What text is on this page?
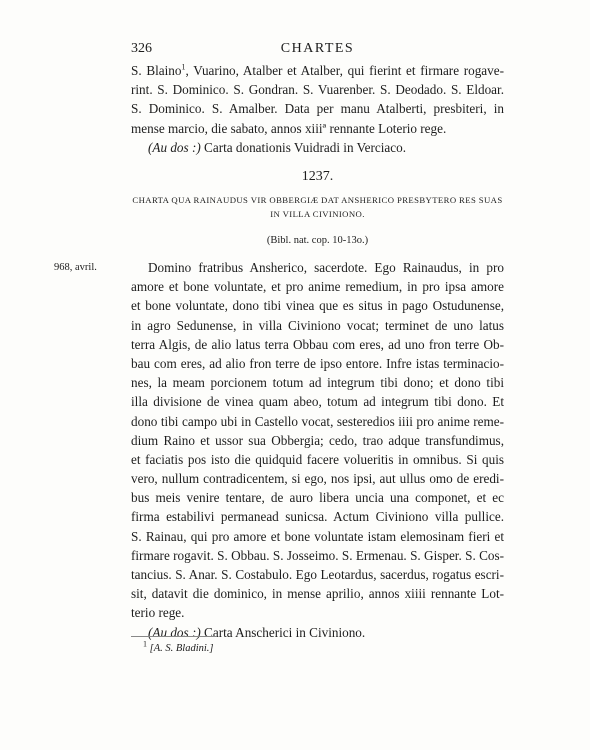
326	CHARTES
S. Blaino$^1$, Vuarino, Atalber et Atalber, qui fierint et firmare rogave-
rint. S. Dominico. S. Gondran. S. Vuarenber. S. Deodado. S. Eldoar.
S. Dominico. S. Amalber. Data per manu Atalberti, presbiteri, in
mense marcio, die sabato, annos xiiiª rennante Loterio rege.
(Au dos :) Carta donationis Vuidradi in Verciaco.
1237.
CHARTA QUA RAINAUDUS VIR OBBERGIÆ DAT ANSHERICO PRESBYTERO RES SUAS
IN VILLA CIVINIONO.
(Bibl. nat. cop. 10-13o.)
968, avril.	Domino fratribus Ansherico, sacerdote. Ego Rainaudus, in pro
amore et bone voluntate, et pro anime remedium, in pro ipsa amore
et bone voluntate, dono tibi vinea que es situs in pago Ostudunense,
in agro Sedunense, in villa Civiniono vocat; terminet de uno latus
terra Algis, de alio latus terra Obbau com eres, ad uno fron terre Ob-
bau com eres, ad alio fron terre de ipso entore. Infre istas terminacio-
nes, la meam porcionem totum ad integrum tibi dono; et dono tibi
illa divisione de vinea quam abeo, totum ad integrum tibi dono. Et
dono tibi campo ubi in Castello vocat, sesteredios iiii pro anime reme-
dium Raino et ussor sua Obbergia; cedo, trao adque transfundimus,
et faciatis pos isto die quidquid facere volueritis in omnibus. Si quis
vero, nullum contradicentem, si ego, nos ipsi, aut ullus omo de eredi-
bus meis venire tentare, de auro libera uncia una componet, et ec
firma estabilivi permanead sunicsa. Actum Civiniono villa pullice.
S. Rainau, qui pro amore et bone voluntate istam elemosinam fieri et
firmare rogavit. S. Obbau. S. Josseimo. S. Ermenau. S. Gisper. S. Cos-
tancius. S. Anar. S. Costabulo. Ego Leotardus, sacerdus, rogatus escri-
sit, datavit die dominico, in mense aprilio, annos xiiii rennante Lot-
terio rege.
(Au dos :) Carta Anscherici in Civiniono.
$^1$ [A. S. Bladini.]
